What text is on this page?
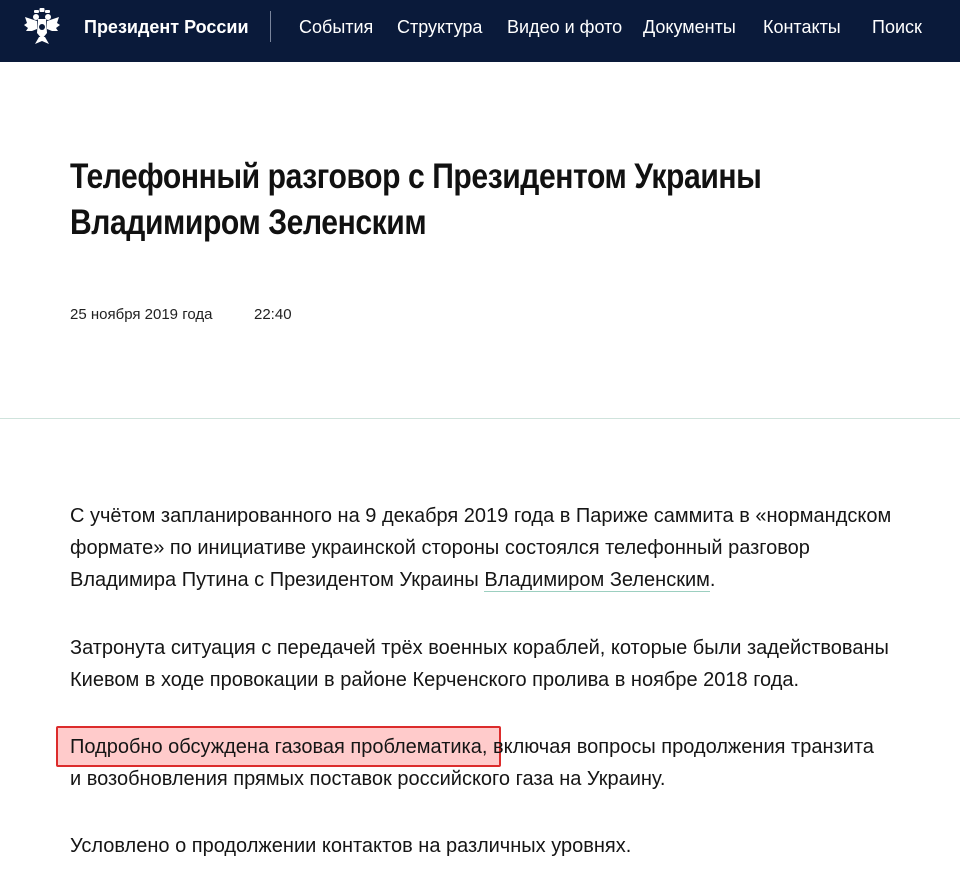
Президент России	События Структура Видео и фото Документы Контакты Поиск
Телефонный разговор с Президентом Украины
Владимиром Зеленским
25 ноября 2019 года	22:40

С учётом запланированного на 9 декабря 2019 года в Париже саммита в «нормандском
формате» по инициативе украинской стороны состоялся телефонный разговор
Владимира Путина с Президентом Украины Владимиром Зеленским.

Затронута ситуация с передачей трёх военных кораблей, которые были задействованы
Киевом в ходе провокации в районе Керченского пролива в ноябре 2018 года.

Подробно обсуждена газовая проблематика, включая вопросы продолжения транзита
и возобновления прямых поставок российского газа на Украину.

Условлено о продолжении контактов на различных уровнях.
